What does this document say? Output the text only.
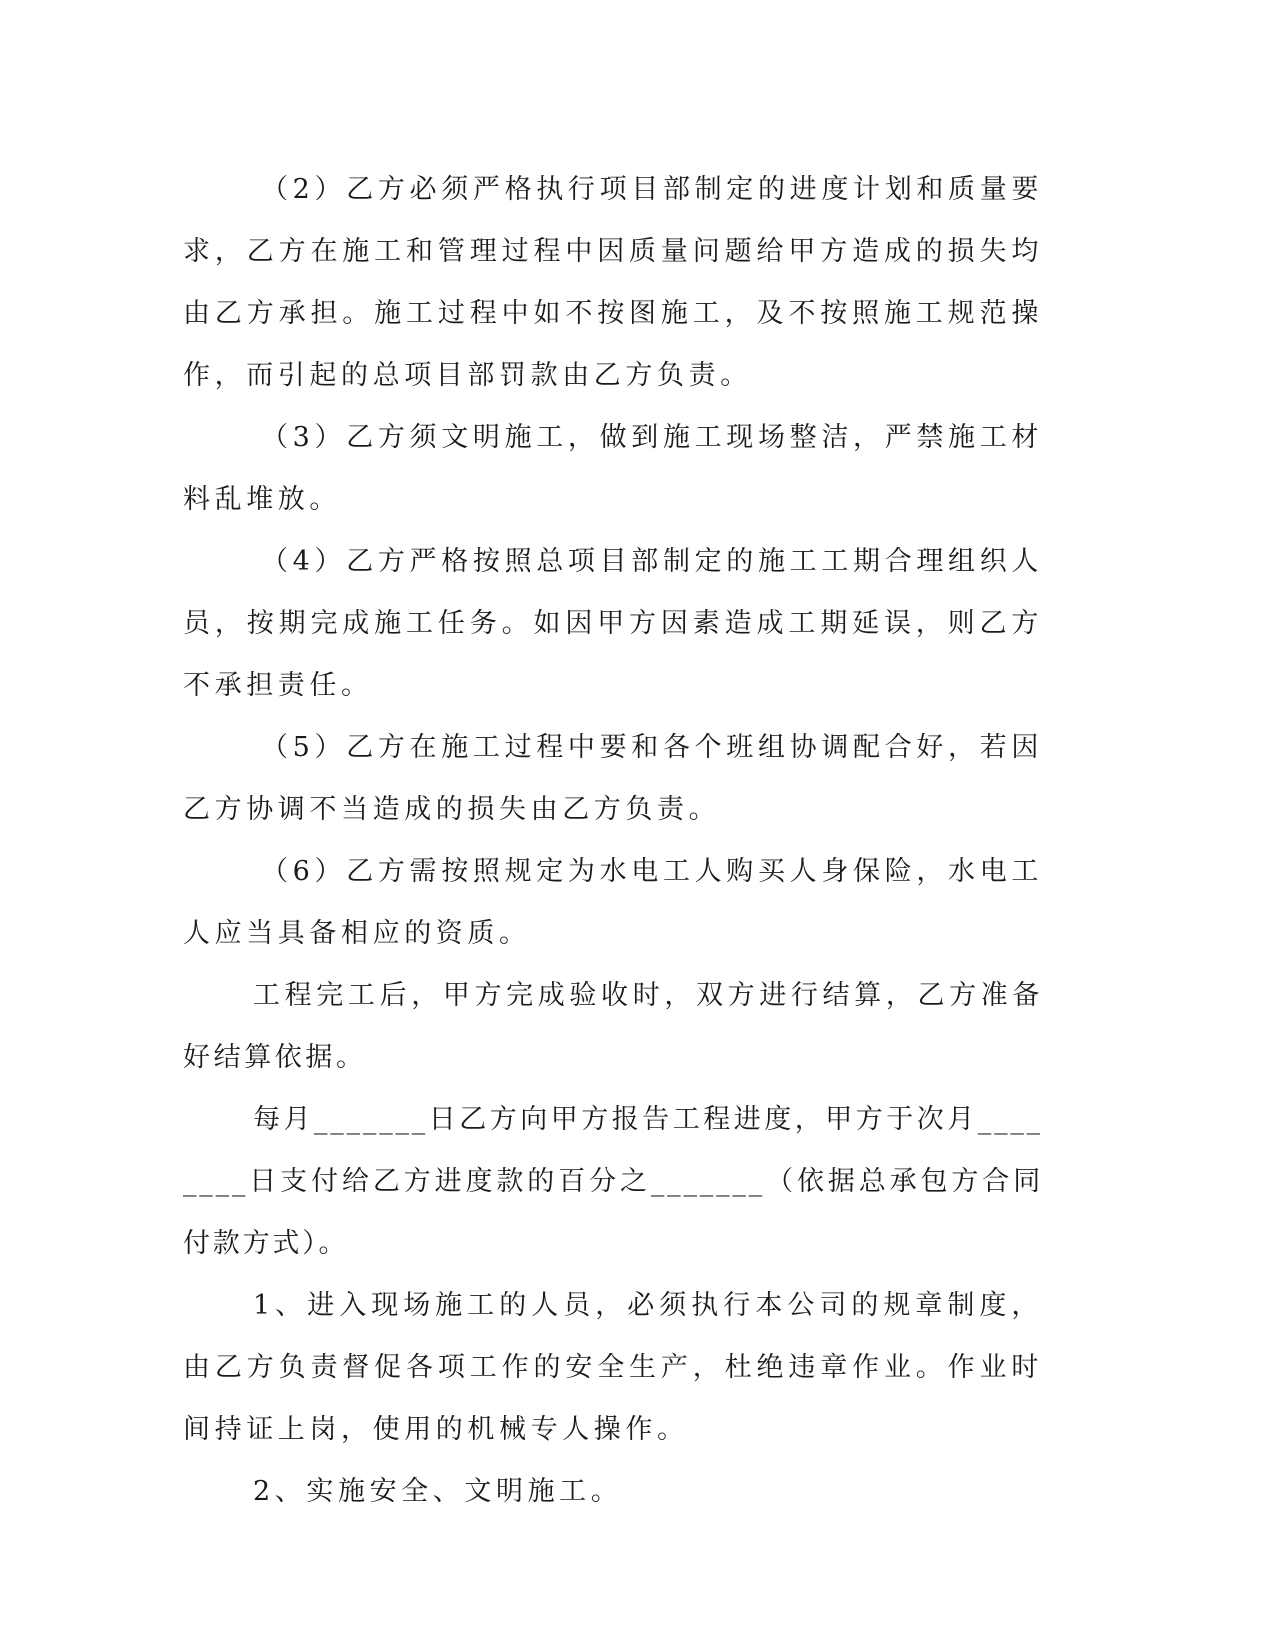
（2）乙方必须严格执行项目部制定的进度计划和质量要求，乙方在施工和管理过程中因质量问题给甲方造成的损失均由乙方承担。施工过程中如不按图施工，及不按照施工规范操作，而引起的总项目部罚款由乙方负责。

（3）乙方须文明施工，做到施工现场整洁，严禁施工材料乱堆放。

（4）乙方严格按照总项目部制定的施工工期合理组织人员，按期完成施工任务。如因甲方因素造成工期延误，则乙方不承担责任。

（5）乙方在施工过程中要和各个班组协调配合好，若因乙方协调不当造成的损失由乙方负责。

（6）乙方需按照规定为水电工人购买人身保险，水电工人应当具备相应的资质。

工程完工后，甲方完成验收时，双方进行结算，乙方准备好结算依据。

每月_______日乙方向甲方报告工程进度，甲方于次月________日支付给乙方进度款的百分之_______（依据总承包方合同付款方式）。

1、进入现场施工的人员，必须执行本公司的规章制度，由乙方负责督促各项工作的安全生产，杜绝违章作业。作业时间持证上岗，使用的机械专人操作。

2、实施安全、文明施工。
